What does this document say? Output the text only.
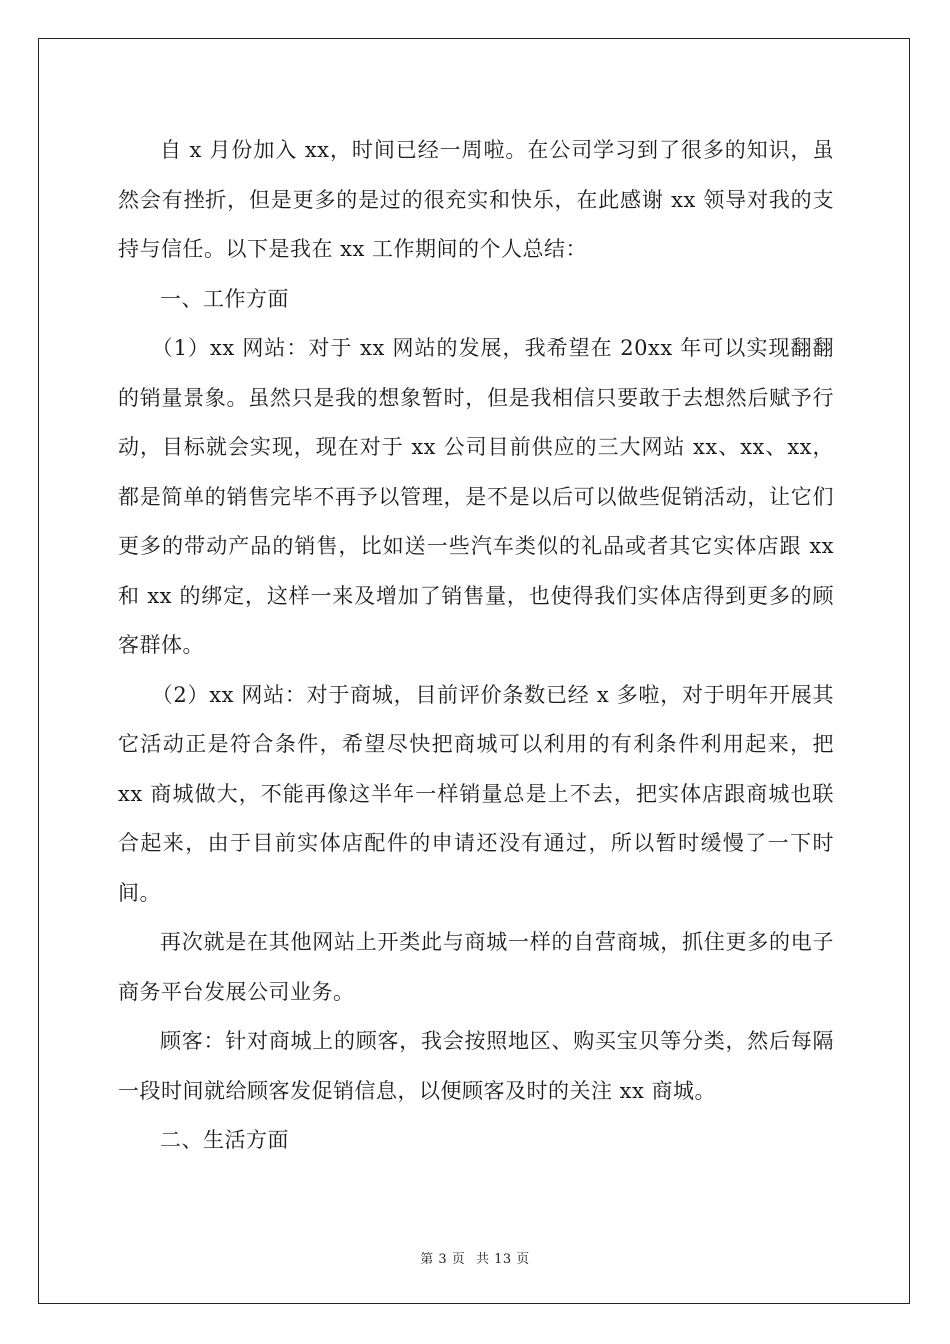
自 x 月份加入 xx，时间已经一周啦。在公司学习到了很多的知识，虽然会有挫折，但是更多的是过的很充实和快乐，在此感谢 xx 领导对我的支持与信任。以下是我在 xx 工作期间的个人总结：

一、工作方面

（1）xx 网站：对于 xx 网站的发展，我希望在 20xx 年可以实现翻翻的销量景象。虽然只是我的想象暂时，但是我相信只要敢于去想然后赋予行动，目标就会实现，现在对于 xx 公司目前供应的三大网站 xx、xx、xx，都是简单的销售完毕不再予以管理，是不是以后可以做些促销活动，让它们更多的带动产品的销售，比如送一些汽车类似的礼品或者其它实体店跟 xx 和 xx 的绑定，这样一来及增加了销售量，也使得我们实体店得到更多的顾客群体。

（2）xx 网站：对于商城，目前评价条数已经 x 多啦，对于明年开展其它活动正是符合条件，希望尽快把商城可以利用的有利条件利用起来，把 xx 商城做大，不能再像这半年一样销量总是上不去，把实体店跟商城也联合起来，由于目前实体店配件的申请还没有通过，所以暂时缓慢了一下时间。

再次就是在其他网站上开类此与商城一样的自营商城，抓住更多的电子商务平台发展公司业务。

顾客：针对商城上的顾客，我会按照地区、购买宝贝等分类，然后每隔一段时间就给顾客发促销信息，以便顾客及时的关注 xx 商城。

二、生活方面

第 3 页 共 13 页
